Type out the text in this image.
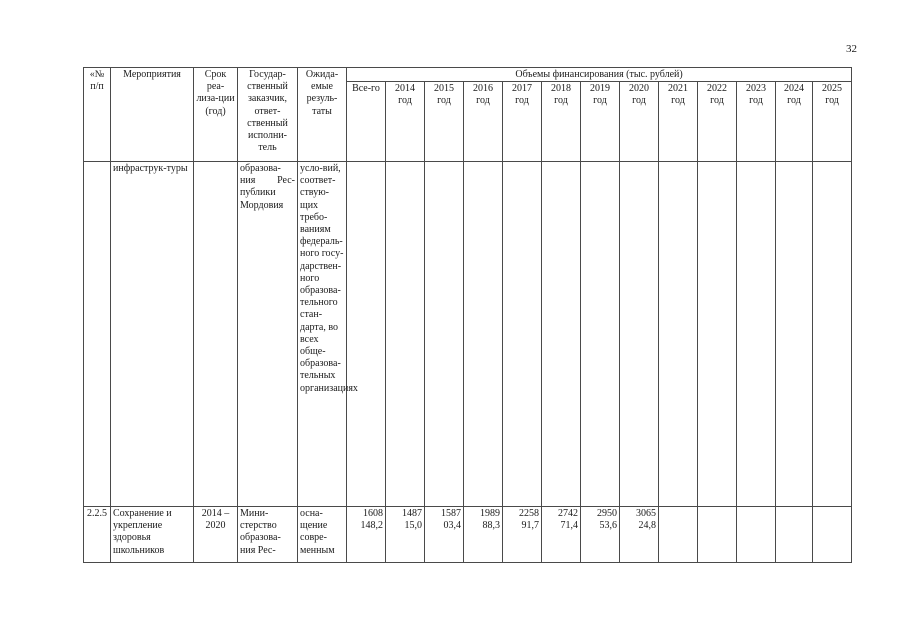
32
«№ п/п	Мероприятия	Срок реа-лиза-ции (год)	Государ-ственный заказчик, ответ-ственный исполни-тель	Ожида-емые резуль-таты	Объемы финансирования (тыс. рублей)												
					Все-го	2014 год	2015 год	2016 год	2017 год	2018 год	2019 год	2020 год	2021 год	2022 год	2023 год	2024 год	2025 год
	инфраструк-туры		образова-ния Рес-публики Мордовия	усло-вий, соответ-ствую-щих требо-ваниям федераль-ного госу-дарствен-ного образова-тельного стан-дарта, во всех обще-образова-тельных организациях													
2.2.5	Сохранение и укрепление здоровья школьников	2014 – 2020	Мини-стерство образова-ния Рес-	осна-щение совре-менным	1608 148,2	1487 15,0	1587 03,4	1989 88,3	2258 91,7	2742 71,4	2950 53,6	3065 24,8					
